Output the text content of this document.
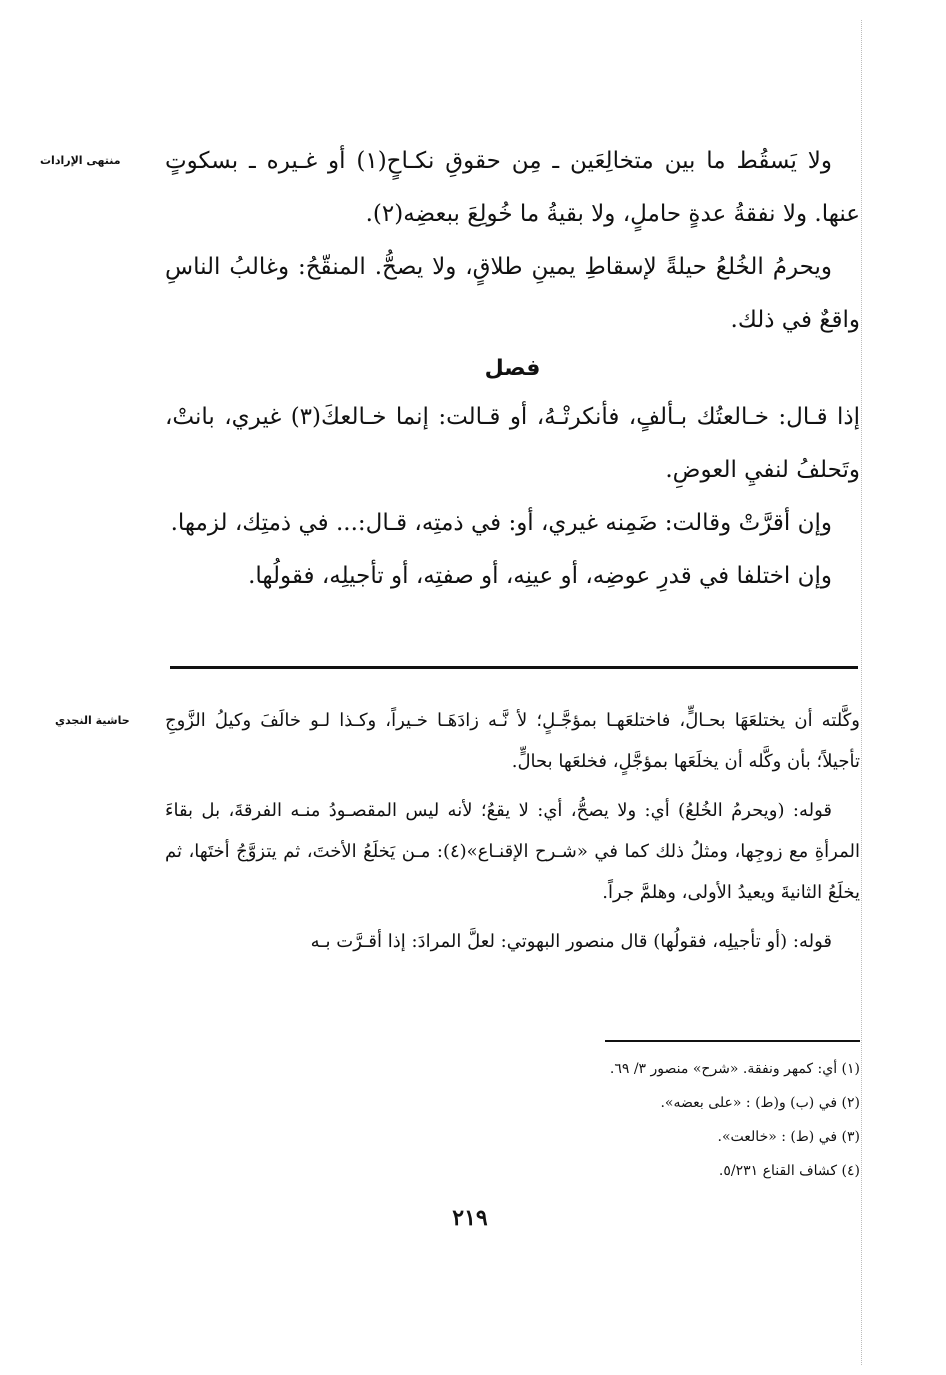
منتهى الإرادات ولا يَسقُط ما بين متخالِعَين ـ مِن حقوقِ نكـاحٍ(١) أو غـيره ـ بسكوتٍ عنها. ولا نفقةُ عدةٍ حاملٍ، ولا بقيةُ ما خُولِعَ ببعضِه(٢).

ويحرمُ الخُلعُ حيلةً لإسقاطِ يمينِ طلاقٍ، ولا يصحُّ. المنقّحُ: وغالبُ الناسِ واقعٌ في ذلك.

فصل

إذا قـال: خـالعتُك بـألفٍ، فأنكرتْـهُ، أو قـالت: إنما خـالعكَ(٣) غيري، بانتْ، وتَحلفُ لنفيِ العوضِ.

وإن أقرَّتْ وقالت: ضَمِنه غيري، أو: في ذمتِه، قـال:... في ذمتِك، لزمها.

وإن اختلفا في قدرِ عوضِه، أو عينِه، أو صفتِه، أو تأجيلِه، فقولُها.

حاشية النجدي وكَّلته أن يختلعَهَا بحـالٍّ، فاختلعَهـا بمؤجَّـلٍ؛ لأ نَّـه زادَهَـا خـيراً، وكـذا لـو خالَفَ وكيلُ الزَّوجِ تأجيلاً؛ بأن وكَّله أن يخلَعَها بمؤجَّلٍ، فخلعَها بحالٍّ.

قوله: (ويحرمُ الخُلعُ) أي: ولا يصحُّ، أي: لا يقعُ؛ لأنه ليس المقصـودُ منـه الفرقةَ، بل بقاءَ المرأةِ مع زوجِها، ومثلُ ذلك كما في «شـرح الإقنـاع»(٤): مـن يَخلَعُ الأختَ، ثم يتزوَّجُ أختَها، ثم يخلَعُ الثانيةَ ويعيدُ الأولى، وهلمَّ جراً.

قوله: (أو تأجيلِه، فقولُها) قال منصور البهوتي: لعلَّ المرادَ: إذا أقـرَّت بـه

(١) أي: كمهر ونفقة. «شرح» منصور ٣/ ٦٩.

(٢) في (ب) و(ط) : «على بعضه».

(٣) في (ط) : «خالعت».

(٤) كشاف القناع ٥/٢٣١.

٢١٩
